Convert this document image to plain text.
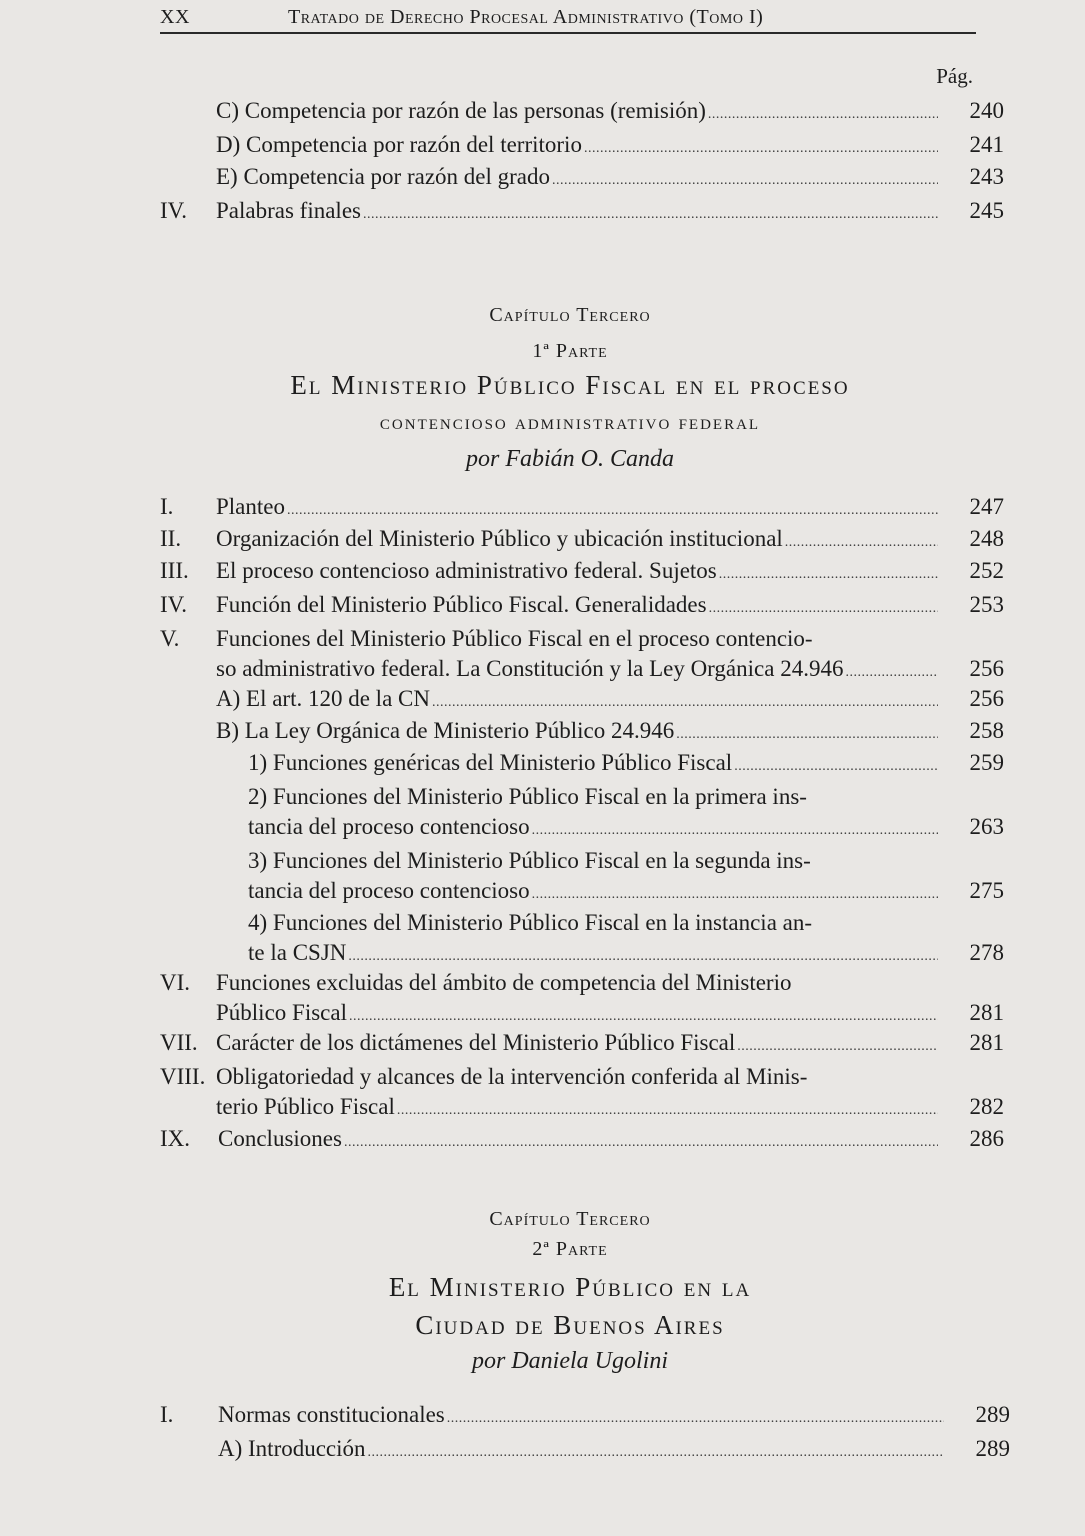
XX	Tratado de Derecho Procesal Administrativo (Tomo I)
Pág.
C) Competencia por razón de las personas (remisión) . . .	240
D) Competencia por razón del territorio . . .	241
E) Competencia por razón del grado . . .	243
IV. Palabras finales . . .	245
Capítulo Tercero
1ª Parte
El Ministerio Público Fiscal en el proceso
contencioso administrativo federal
por Fabián O. Canda
I. Planteo . . .	247
II. Organización del Ministerio Público y ubicación institucional . . .	248
III. El proceso contencioso administrativo federal. Sujetos . . .	252
IV. Función del Ministerio Público Fiscal. Generalidades . . .	253
V. Funciones del Ministerio Público Fiscal en el proceso contencio-
so administrativo federal. La Constitución y la Ley Orgánica 24.946 . . .	256
A) El art. 120 de la CN . . .	256
B) La Ley Orgánica de Ministerio Público 24.946 . . .	258
1) Funciones genéricas del Ministerio Público Fiscal . . .	259
2) Funciones del Ministerio Público Fiscal en la primera ins-
tancia del proceso contencioso . . .	263
3) Funciones del Ministerio Público Fiscal en la segunda ins-
tancia del proceso contencioso . . .	275
4) Funciones del Ministerio Público Fiscal en la instancia an-
te la CSJN . . .	278
VI. Funciones excluidas del ámbito de competencia del Ministerio
Público Fiscal . . .	281
VII. Carácter de los dictámenes del Ministerio Público Fiscal . . .	281
VIII. Obligatoriedad y alcances de la intervención conferida al Minis-
terio Público Fiscal . . .	282
IX. Conclusiones . . .	286
Capítulo Tercero
2ª Parte
El Ministerio Público en la
Ciudad de Buenos Aires
por Daniela Ugolini
I. Normas constitucionales . . .	289
A) Introducción . . .	289
